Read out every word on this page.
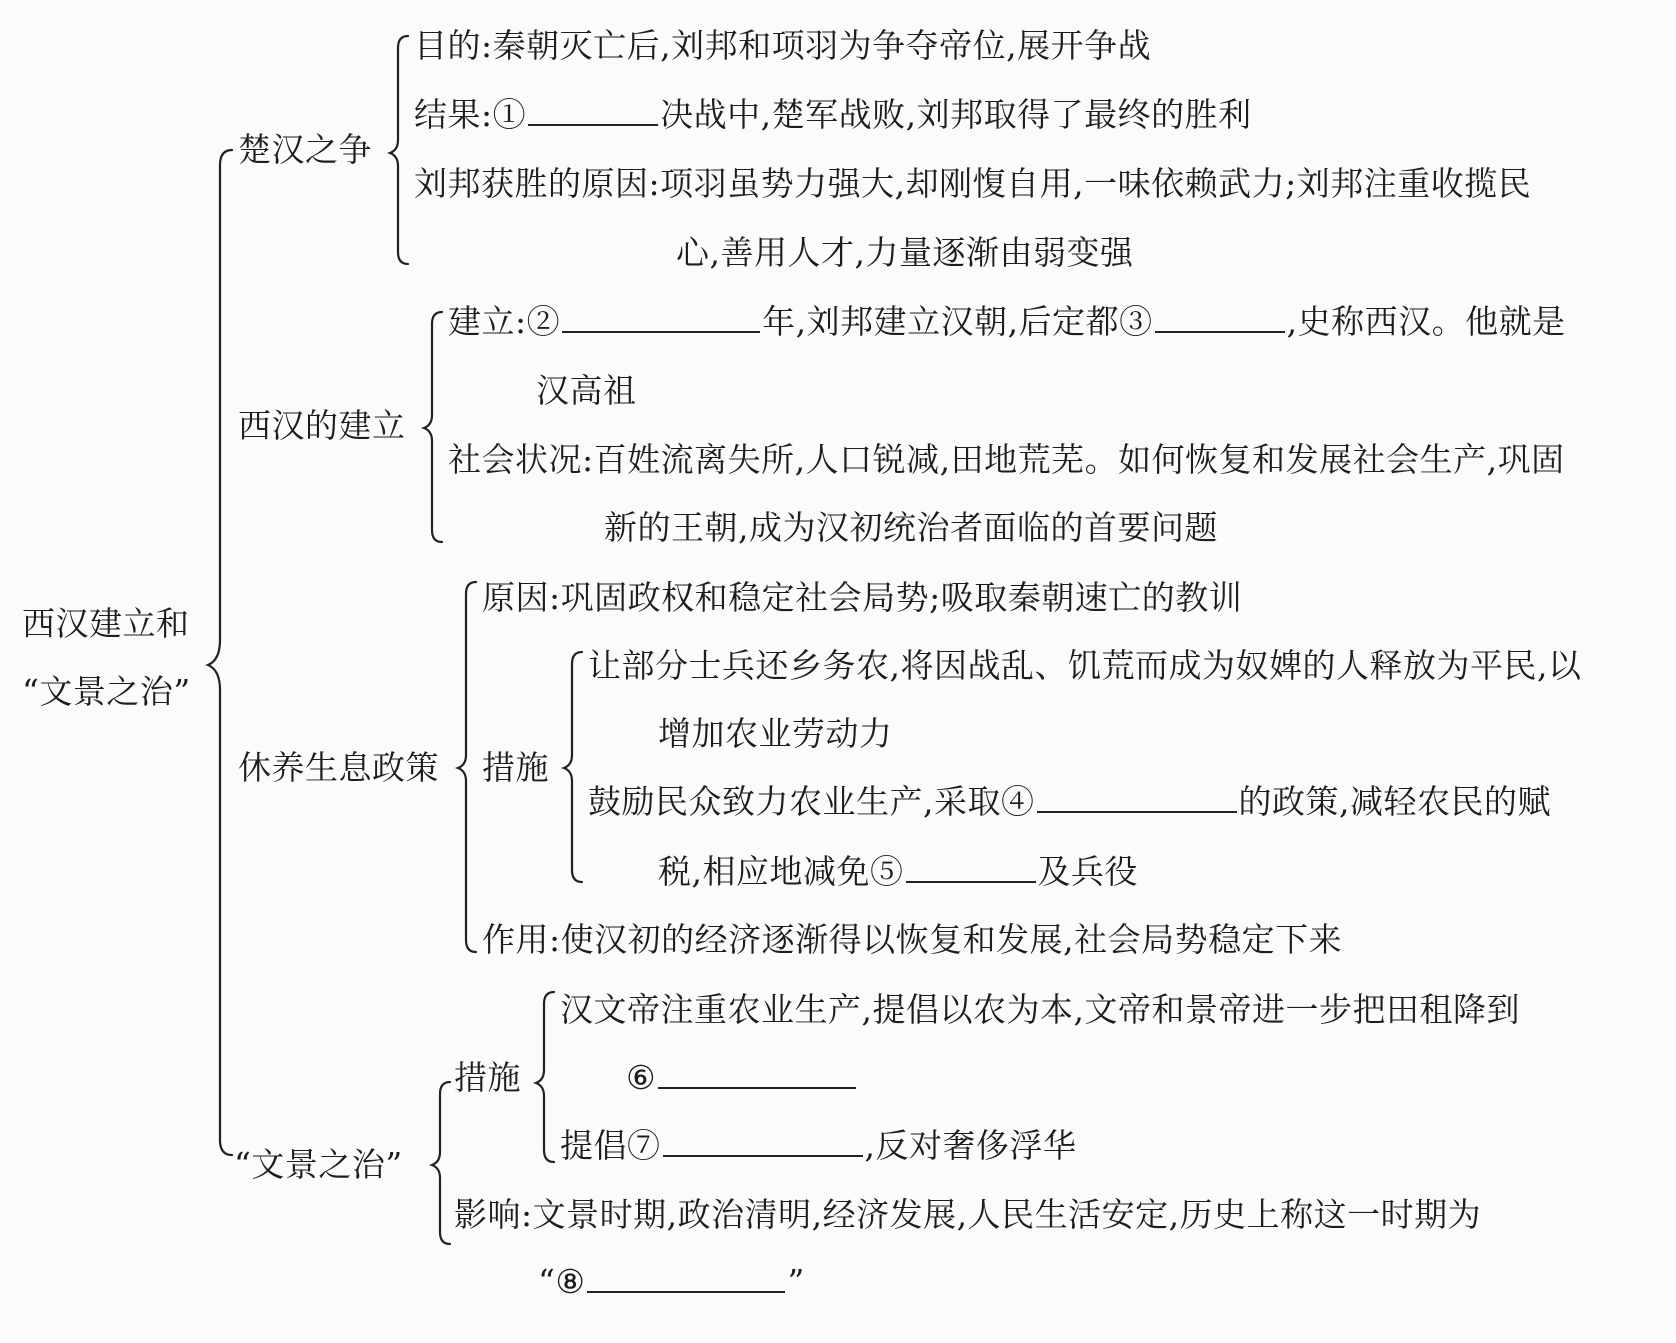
西汉建立和
“文景之治”
楚汉之争
目的:秦朝灭亡后,刘邦和项羽为争夺帝位,展开争战
结果:①	决战中,楚军战败,刘邦取得了最终的胜利
刘邦获胜的原因:项羽虽势力强大,却刚愎自用,一味依赖武力;刘邦注重收揽民
心,善用人才,力量逐渐由弱变强
西汉的建立
建立:②	年,刘邦建立汉朝,后定都③	,史称西汉。他就是
汉高祖
社会状况:百姓流离失所,人口锐减,田地荒芜。如何恢复和发展社会生产,巩固
新的王朝,成为汉初统治者面临的首要问题
休养生息政策
原因:巩固政权和稳定社会局势;吸取秦朝速亡的教训
措施
让部分士兵还乡务农,将因战乱、饥荒而成为奴婢的人释放为平民,以
增加农业劳动力
鼓励民众致力农业生产,采取④	的政策,减轻农民的赋
税,相应地减免⑤	及兵役
作用:使汉初的经济逐渐得以恢复和发展,社会局势稳定下来
“文景之治”
措施
汉文帝注重农业生产,提倡以农为本,文帝和景帝进一步把田租降到
⑥
提倡⑦	,反对奢侈浮华
影响:文景时期,政治清明,经济发展,人民生活安定,历史上称这一时期为
“⑧	”
